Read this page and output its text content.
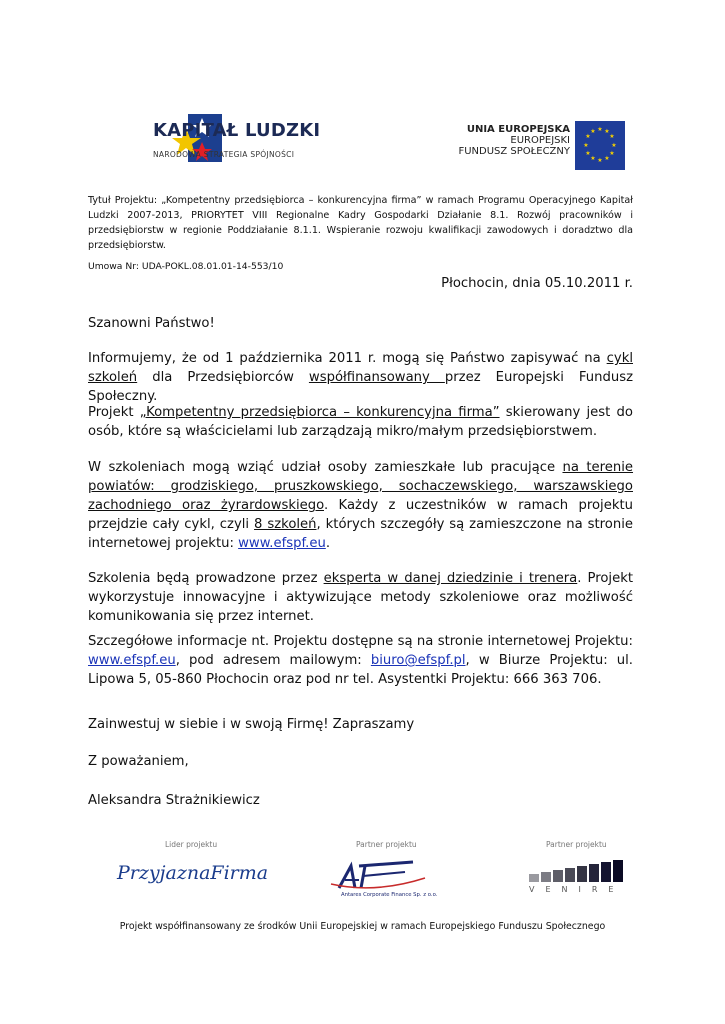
KAPITAŁ LUDZKI
NARODOWA STRATEGIA SPÓJNOŚCI
UNIA EUROPEJSKA
EUROPEJSKI
FUNDUSZ SPOŁECZNY
★ ★
★
★
★
★
★
★
★
★
★
★
Tytuł Projektu: „Kompetentny przedsiębiorca – konkurencyjna firma” w ramach Programu Operacyjnego Kapitał Ludzki 2007-2013, PRIORYTET VIII Regionalne Kadry Gospodarki Działanie 8.1. Rozwój pracowników i przedsiębiorstw w regionie Poddziałanie 8.1.1. Wspieranie rozwoju kwalifikacji zawodowych i doradztwo dla przedsiębiorstw.
Umowa Nr: UDA-POKL.08.01.01-14-553/10
Płochocin, dnia 05.10.2011 r.
Szanowni Państwo!
Informujemy, że od 1 października 2011 r. mogą się Państwo zapisywać na cykl szkoleń dla Przedsiębiorców współfinansowany przez Europejski Fundusz Społeczny.
Projekt „Kompetentny przedsiębiorca – konkurencyjna firma” skierowany jest do osób, które są właścicielami lub zarządzają mikro/małym przedsiębiorstwem.
W szkoleniach mogą wziąć udział osoby zamieszkałe lub pracujące na terenie powiatów: grodziskiego, pruszkowskiego, sochaczewskiego, warszawskiego zachodniego oraz żyrardowskiego. Każdy z uczestników w ramach projektu przejdzie cały cykl, czyli 8 szkoleń, których szczegóły są zamieszczone na stronie internetowej projektu: www.efspf.eu.
Szkolenia będą prowadzone przez eksperta w danej dziedzinie i trenera. Projekt wykorzystuje innowacyjne i aktywizujące metody szkoleniowe oraz możliwość komunikowania się przez internet.
Szczegółowe informacje nt. Projektu dostępne są na stronie internetowej Projektu: www.efspf.eu, pod adresem mailowym: biuro@efspf.pl, w Biurze Projektu: ul. Lipowa 5, 05-860 Płochocin oraz pod nr tel. Asystentki Projektu: 666 363 706.
Zainwestuj w siebie i w swoją Firmę! Zapraszamy
Z poważaniem,
Aleksandra Strażnikiewicz
Lider projektu	Partner projektu	Partner projektu
PrzyjaznaFirma
Antares Corporate Finance Sp. z o.o.
VENIRE
Projekt współfinansowany ze środków Unii Europejskiej w ramach Europejskiego Funduszu Społecznego
